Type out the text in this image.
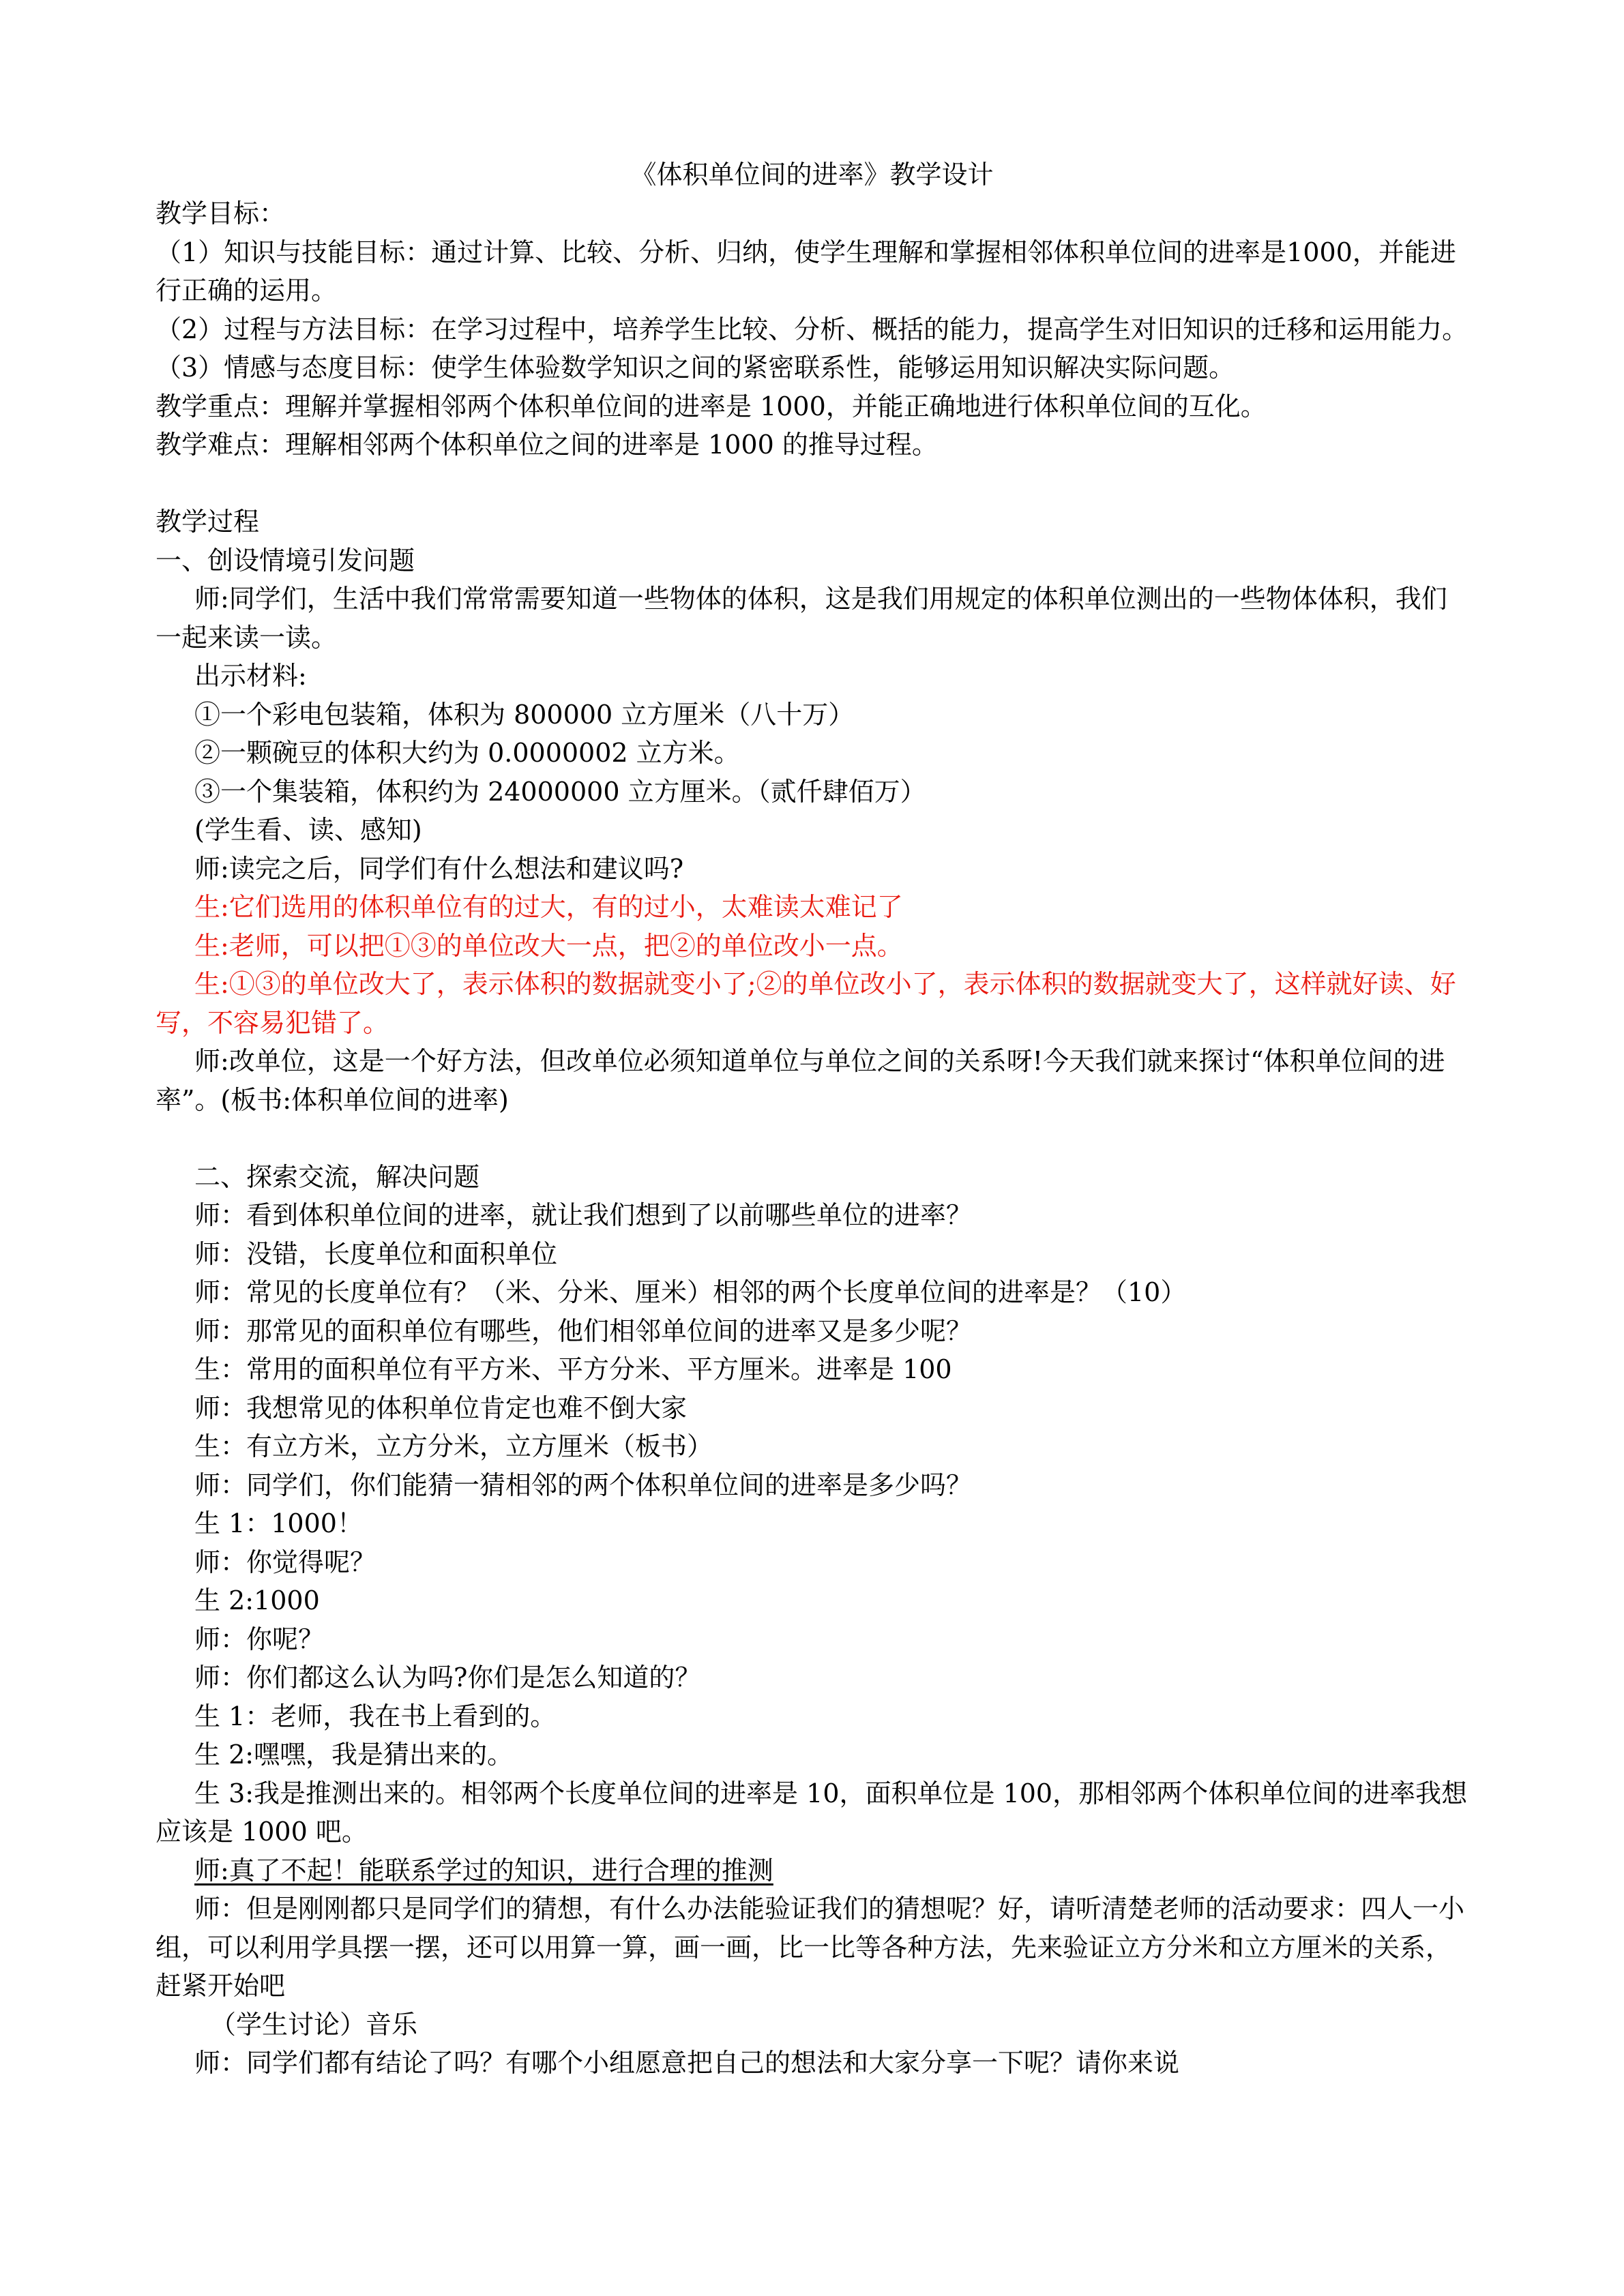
《体积单位间的进率》教学设计

教学目标：

（1）知识与技能目标：通过计算、比较、分析、归纳，使学生理解和掌握相邻体积单位间的进率是1000，并能进行正确的运用。

（2）过程与方法目标：在学习过程中，培养学生比较、分析、概括的能力，提高学生对旧知识的迁移和运用能力。

（3）情感与态度目标：使学生体验数学知识之间的紧密联系性，能够运用知识解决实际问题。

教学重点：理解并掌握相邻两个体积单位间的进率是 1000，并能正确地进行体积单位间的互化。

教学难点：理解相邻两个体积单位之间的进率是 1000 的推导过程。

教学过程

一、创设情境引发问题

师:同学们，生活中我们常常需要知道一些物体的体积，这是我们用规定的体积单位测出的一些物体体积，我们一起来读一读。

出示材料:

①一个彩电包装箱，体积为 800000 立方厘米（八十万）

②一颗碗豆的体积大约为 0.0000002 立方米。

③一个集装箱，体积约为 24000000 立方厘米。（贰仟肆佰万）

(学生看、读、感知)

师:读完之后，同学们有什么想法和建议吗?

生:它们选用的体积单位有的过大，有的过小，太难读太难记了

生:老师，可以把①③的单位改大一点，把②的单位改小一点。

生:①③的单位改大了，表示体积的数据就变小了;②的单位改小了，表示体积的数据就变大了，这样就好读、好写，不容易犯错了。

师:改单位，这是一个好方法，但改单位必须知道单位与单位之间的关系呀!今天我们就来探讨“体积单位间的进率”。(板书:体积单位间的进率)

二、探索交流，解决问题

师：看到体积单位间的进率，就让我们想到了以前哪些单位的进率？

师：没错，长度单位和面积单位

师：常见的长度单位有？（米、分米、厘米）相邻的两个长度单位间的进率是？（10）

师：那常见的面积单位有哪些，他们相邻单位间的进率又是多少呢？

生：常用的面积单位有平方米、平方分米、平方厘米。进率是 100

师：我想常见的体积单位肯定也难不倒大家

生：有立方米，立方分米，立方厘米（板书）

师：同学们，你们能猜一猜相邻的两个体积单位间的进率是多少吗？

生 1：1000！

师：你觉得呢？

生 2:1000

师：你呢？

师：你们都这么认为吗?你们是怎么知道的？

生 1：老师，我在书上看到的。

生 2:嘿嘿，我是猜出来的。

生 3:我是推测出来的。相邻两个长度单位间的进率是 10，面积单位是 100，那相邻两个体积单位间的进率我想应该是 1000 吧。

师:真了不起！能联系学过的知识，进行合理的推测

师：但是刚刚都只是同学们的猜想，有什么办法能验证我们的猜想呢？好，请听清楚老师的活动要求：四人一小组，可以利用学具摆一摆，还可以用算一算，画一画，比一比等各种方法，先来验证立方分米和立方厘米的关系，赶紧开始吧

（学生讨论）音乐

师：同学们都有结论了吗？有哪个小组愿意把自己的想法和大家分享一下呢？请你来说
